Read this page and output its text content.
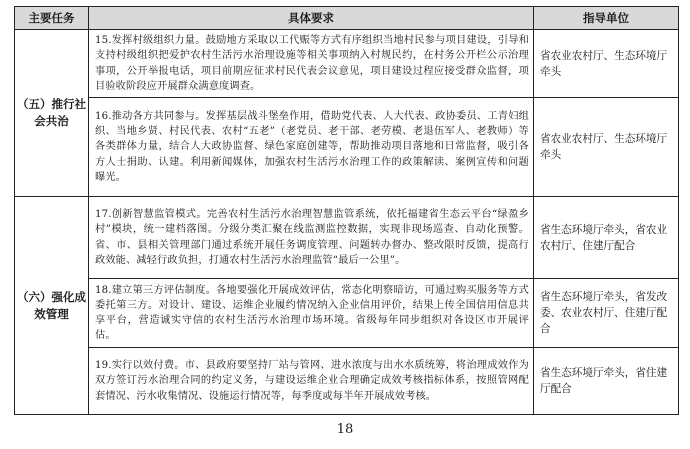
主要任务	具体要求	指导单位
（五）推行社会共治	15.发挥村级组织力量。鼓励地方采取以工代赈等方式有序组织当地村民参与项目建设，引导和支持村级组织把爱护农村生活污水治理设施等相关事项纳入村规民约，在村务公开栏公示治理事项，公开举报电话，项目前期应征求村民代表会议意见，项目建设过程应接受群众监督，项目验收阶段应开展群众满意度调查。	省农业农村厅、生态环境厅牵头
	16.推动各方共同参与。发挥基层战斗堡垒作用，借助党代表、人大代表、政协委员、工青妇组织、当地乡贤、村民代表、农村“五老”（老党员、老干部、老劳模、老退伍军人、老教师）等各类群体力量，结合人大政协监督、绿色家庭创建等，帮助推动项目落地和日常监督，吸引各方人士捐助、认建。利用新闻媒体，加强农村生活污水治理工作的政策解读、案例宣传和问题曝光。	省农业农村厅、生态环境厅牵头
（六）强化成效管理	17.创新智慧监管模式。完善农村生活污水治理智慧监管系统，依托福建省生态云平台“绿盈乡村”模块，统一建档落图。分级分类汇聚在线监测监控数据，实现非现场巡查、自动化预警。省、市、县相关管理部门通过系统开展任务调度管理、问题转办督办、整改限时反馈，提高行政效能、减轻行政负担，打通农村生活污水治理监管“最后一公里”。	省生态环境厅牵头，省农业农村厅、住建厅配合
	18.建立第三方评估制度。各地要强化开展成效评估，常态化明察暗访，可通过购买服务等方式委托第三方。对设计、建设、运维企业履约情况纳入企业信用评价，结果上传全国信用信息共享平台，营造诚实守信的农村生活污水治理市场环境。省级每年同步组织对各设区市开展评估。	省生态环境厅牵头，省发改委、农业农村厅、住建厅配合
	19.实行以效付费。市、县政府要坚持厂站与管网、进水浓度与出水水质统筹，将治理成效作为双方签订污水治理合同的约定义务，与建设运维企业合理确定成效考核指标体系，按照管网配套情况、污水收集情况、设施运行情况等，每季度或每半年开展成效考核。	省生态环境厅牵头，省住建厅配合
18
